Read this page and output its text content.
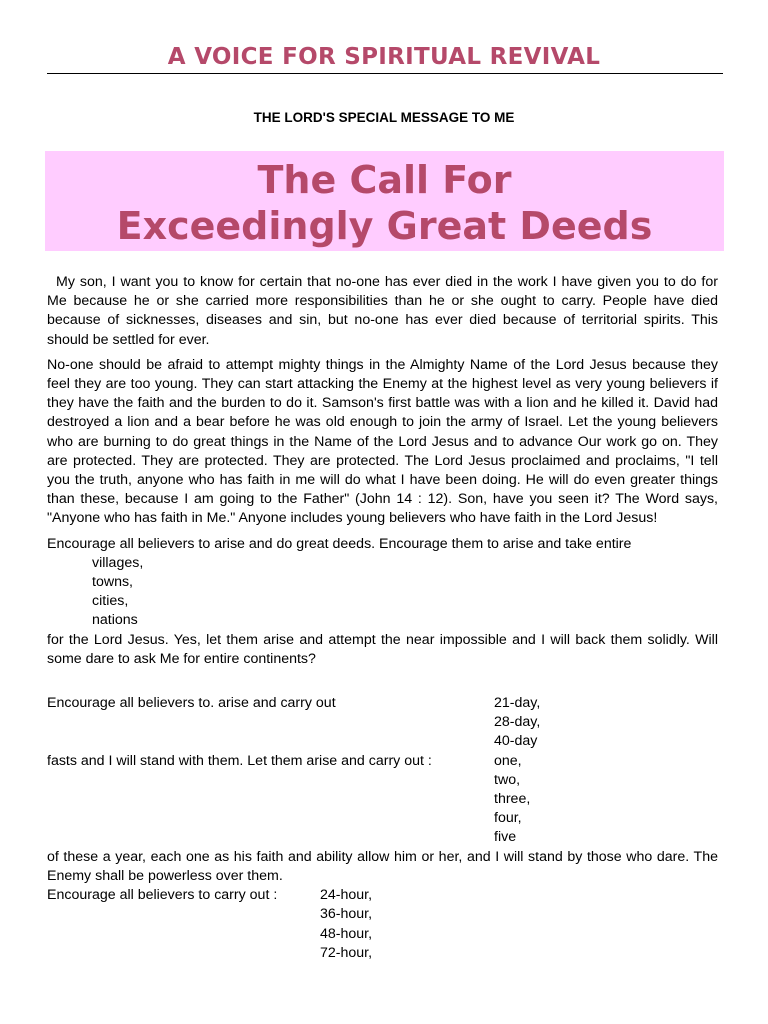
A VOICE FOR SPIRITUAL REVIVAL
THE LORD'S SPECIAL MESSAGE TO ME
The Call For
Exceedingly Great Deeds

My son, I want you to know for certain that no-one has ever died in the work I have given you to do for Me because he or she carried more responsibilities than he or she ought to carry. People have died because of sicknesses, diseases and sin, but no-one has ever died because of territorial spirits. This should be settled for ever.

No-one should be afraid to attempt mighty things in the Almighty Name of the Lord Jesus because they feel they are too young. They can start attacking the Enemy at the highest level as very young believers if they have the faith and the burden to do it. Samson's first battle was with a lion and he killed it. David had destroyed a lion and a bear before he was old enough to join the army of Israel. Let the young believers who are burning to do great things in the Name of the Lord Jesus and to advance Our work go on. They are protected. They are protected. They are protected. The Lord Jesus proclaimed and proclaims, "I tell you the truth, anyone who has faith in me will do what I have been doing. He will do even greater things than these, because I am going to the Father" (John 14 : 12). Son, have you seen it? The Word says, "Anyone who has faith in Me." Anyone includes young believers who have faith in the Lord Jesus!

Encourage all believers to arise and do great deeds. Encourage them to arise and take entire
villages,
towns,
cities,
nations
for the Lord Jesus. Yes, let them arise and attempt the near impossible and I will back them solidly. Will some dare to ask Me for entire continents?
Encourage all believers to. arise and carry out	21-day,
28-day,
40-day
fasts and I will stand with them. Let them arise and carry out :	one,
two,
three,
four,
five
of these a year, each one as his faith and ability allow him or her, and I will stand by those who dare. The Enemy shall be powerless over them.
Encourage all believers to carry out :	24-hour,
36-hour,
48-hour,
72-hour,
